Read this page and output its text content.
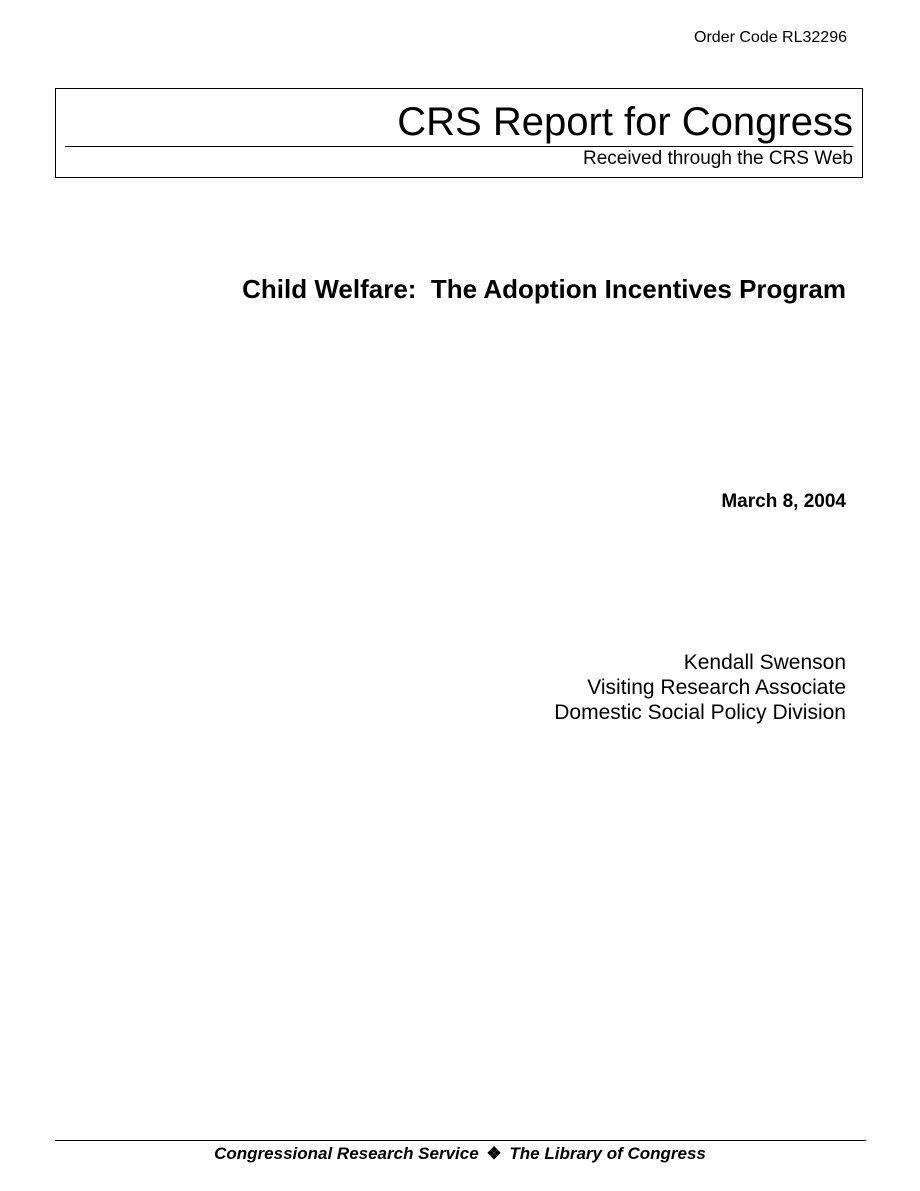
Order Code RL32296
CRS Report for Congress
Received through the CRS Web
Child Welfare:  The Adoption Incentives Program
March 8, 2004
Kendall Swenson
Visiting Research Associate
Domestic Social Policy Division
Congressional Research Service ❖ The Library of Congress
